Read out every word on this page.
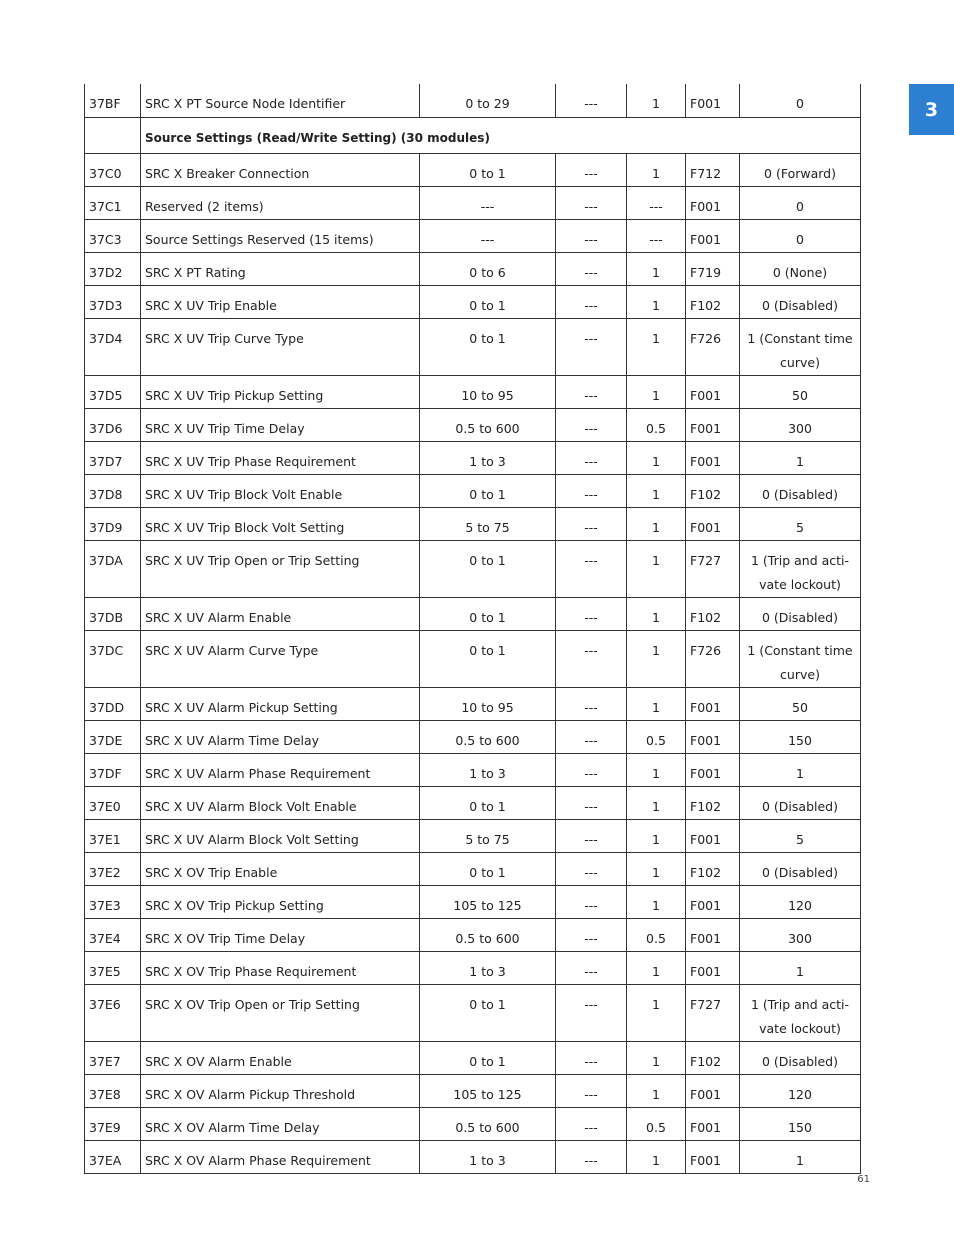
3
37BF	SRC X PT Source Node Identifier	0 to 29	---	1	F001	0
	Source Settings (Read/Write Setting) (30 modules)					
37C0	SRC X Breaker Connection	0 to 1	---	1	F712	0 (Forward)
37C1	Reserved (2 items)	---	---	---	F001	0
37C3	Source Settings Reserved (15 items)	---	---	---	F001	0
37D2	SRC X PT Rating	0 to 6	---	1	F719	0 (None)
37D3	SRC X UV Trip Enable	0 to 1	---	1	F102	0 (Disabled)
37D4	SRC X UV Trip Curve Type	0 to 1	---	1	F726	1 (Constant time curve)
37D5	SRC X UV Trip Pickup Setting	10 to 95	---	1	F001	50
37D6	SRC X UV Trip Time Delay	0.5 to 600	---	0.5	F001	300
37D7	SRC X UV Trip Phase Requirement	1 to 3	---	1	F001	1
37D8	SRC X UV Trip Block Volt Enable	0 to 1	---	1	F102	0 (Disabled)
37D9	SRC X UV Trip Block Volt Setting	5 to 75	---	1	F001	5
37DA	SRC X UV Trip Open or Trip Setting	0 to 1	---	1	F727	1 (Trip and acti-vate lockout)
37DB	SRC X UV Alarm Enable	0 to 1	---	1	F102	0 (Disabled)
37DC	SRC X UV Alarm Curve Type	0 to 1	---	1	F726	1 (Constant time curve)
37DD	SRC X UV Alarm Pickup Setting	10 to 95	---	1	F001	50
37DE	SRC X UV Alarm Time Delay	0.5 to 600	---	0.5	F001	150
37DF	SRC X UV Alarm Phase Requirement	1 to 3	---	1	F001	1
37E0	SRC X UV Alarm Block Volt Enable	0 to 1	---	1	F102	0 (Disabled)
37E1	SRC X UV Alarm Block Volt Setting	5 to 75	---	1	F001	5
37E2	SRC X OV Trip Enable	0 to 1	---	1	F102	0 (Disabled)
37E3	SRC X OV Trip Pickup Setting	105 to 125	---	1	F001	120
37E4	SRC X OV Trip Time Delay	0.5 to 600	---	0.5	F001	300
37E5	SRC X OV Trip Phase Requirement	1 to 3	---	1	F001	1
37E6	SRC X OV Trip Open or Trip Setting	0 to 1	---	1	F727	1 (Trip and acti-vate lockout)
37E7	SRC X OV Alarm Enable	0 to 1	---	1	F102	0 (Disabled)
37E8	SRC X OV Alarm Pickup Threshold	105 to 125	---	1	F001	120
37E9	SRC X OV Alarm Time Delay	0.5 to 600	---	0.5	F001	150
37EA	SRC X OV Alarm Phase Requirement	1 to 3	---	1	F001	1
61
